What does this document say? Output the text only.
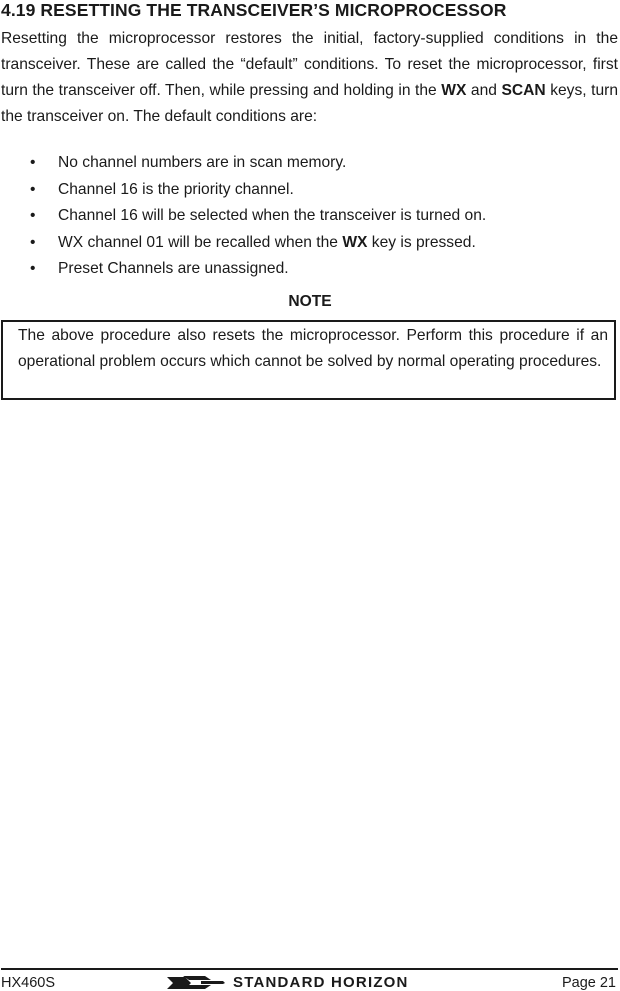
4.19 RESETTING THE TRANSCEIVER’S MICROPROCESSOR
Resetting the microprocessor restores the initial, factory-supplied conditions in the transceiver. These are called the “default” conditions. To reset the microprocessor, first turn the transceiver off. Then, while pressing and holding in the WX and SCAN keys, turn the transceiver on. The default conditions are:
• No channel numbers are in scan memory.
• Channel 16 is the priority channel.
• Channel 16 will be selected when the transceiver is turned on.
• WX channel 01 will be recalled when the WX key is pressed.
• Preset Channels are unassigned.
NOTE
The above procedure also resets the microprocessor. Perform this procedure if an operational problem occurs which cannot be solved by normal operating procedures.
HX460S	STANDARD HORIZON	Page 21
